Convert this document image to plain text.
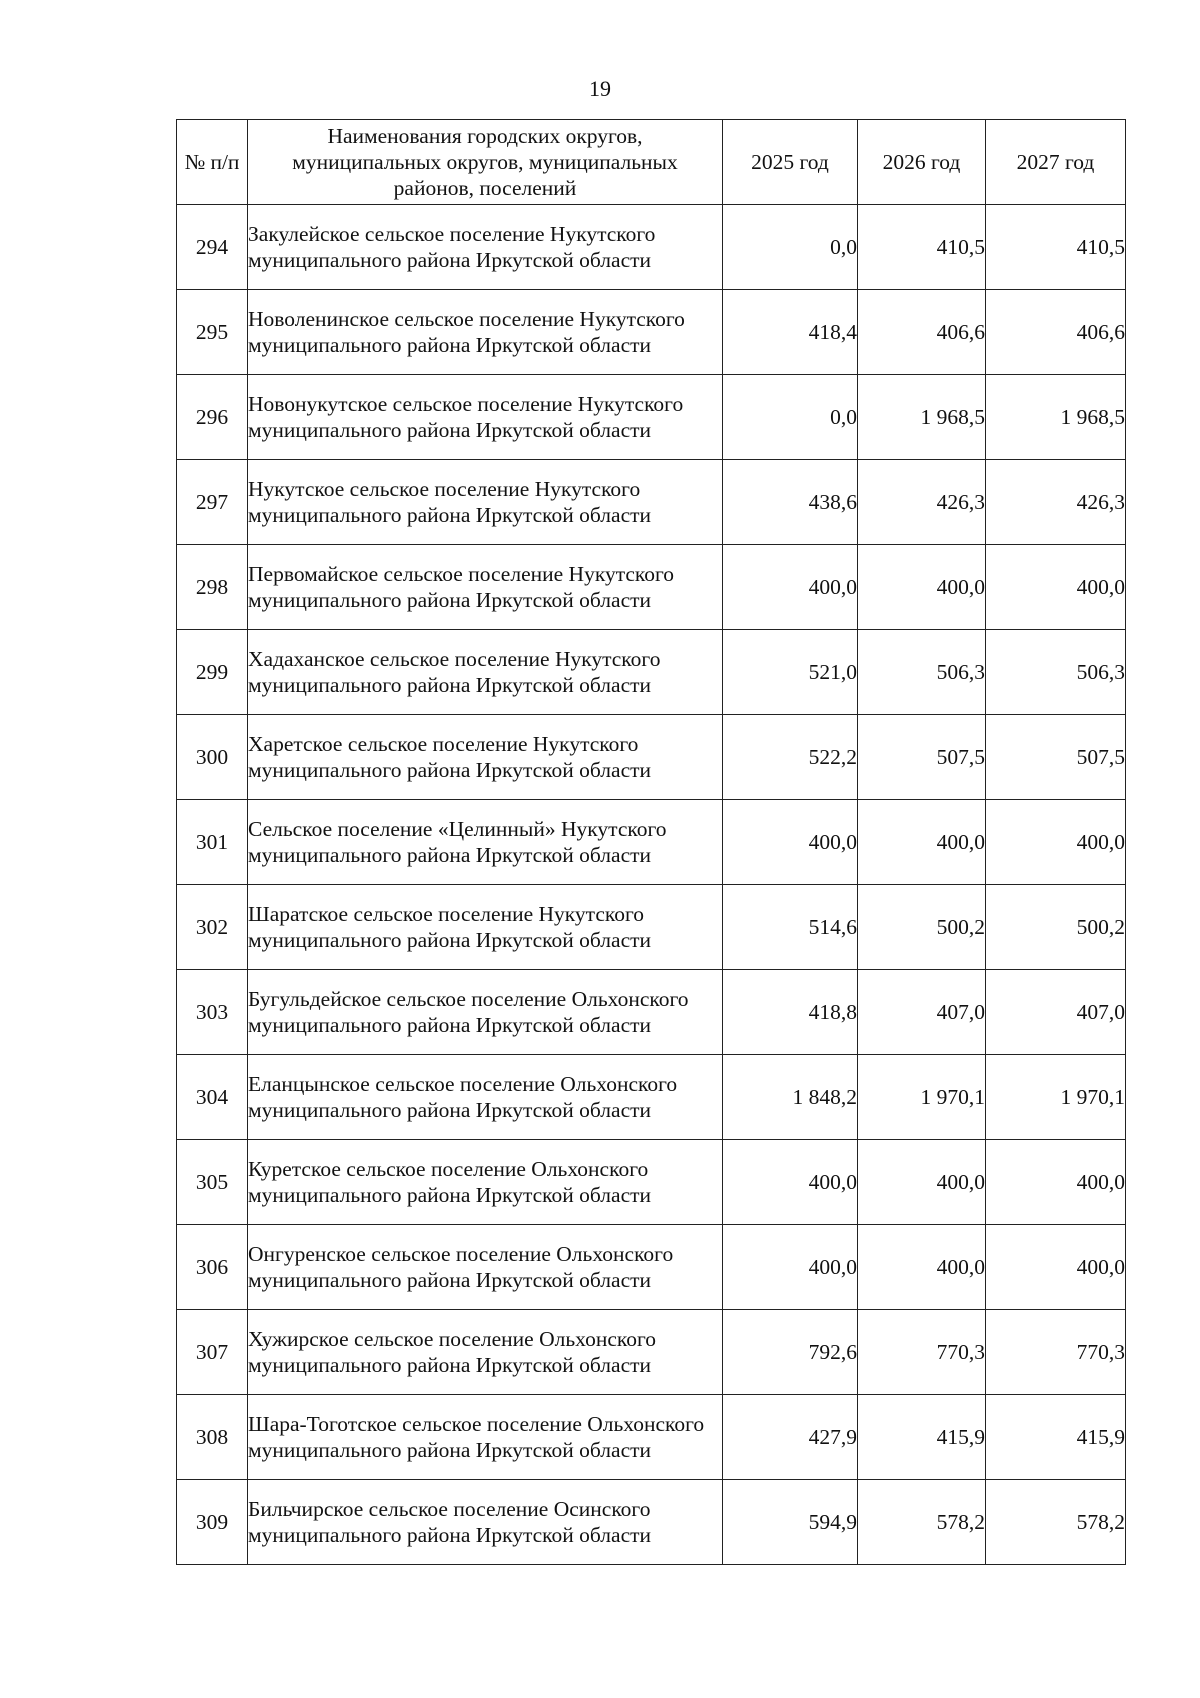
19
№ п/п	Наименования городских округов, муниципальных округов, муниципальных районов, поселений	2025 год	2026 год	2027 год
294	Закулейское сельское поселение Нукутского муниципального района Иркутской области	0,0	410,5	410,5
295	Новоленинское сельское поселение Нукутского муниципального района Иркутской области	418,4	406,6	406,6
296	Новонукутское сельское поселение Нукутского муниципального района Иркутской области	0,0	1 968,5	1 968,5
297	Нукутское сельское поселение Нукутского муниципального района Иркутской области	438,6	426,3	426,3
298	Первомайское сельское поселение Нукутского муниципального района Иркутской области	400,0	400,0	400,0
299	Хадаханское сельское поселение Нукутского муниципального района Иркутской области	521,0	506,3	506,3
300	Харетское сельское поселение Нукутского муниципального района Иркутской области	522,2	507,5	507,5
301	Сельское поселение «Целинный» Нукутского муниципального района Иркутской области	400,0	400,0	400,0
302	Шаратское сельское поселение Нукутского муниципального района Иркутской области	514,6	500,2	500,2
303	Бугульдейское сельское поселение Ольхонского муниципального района Иркутской области	418,8	407,0	407,0
304	Еланцынское сельское поселение Ольхонского муниципального района Иркутской области	1 848,2	1 970,1	1 970,1
305	Куретское сельское поселение Ольхонского муниципального района Иркутской области	400,0	400,0	400,0
306	Онгуренское сельское поселение Ольхонского муниципального района Иркутской области	400,0	400,0	400,0
307	Хужирское сельское поселение Ольхонского муниципального района Иркутской области	792,6	770,3	770,3
308	Шара-Тоготское сельское поселение Ольхонского муниципального района Иркутской области	427,9	415,9	415,9
309	Бильчирское сельское поселение Осинского муниципального района Иркутской области	594,9	578,2	578,2
